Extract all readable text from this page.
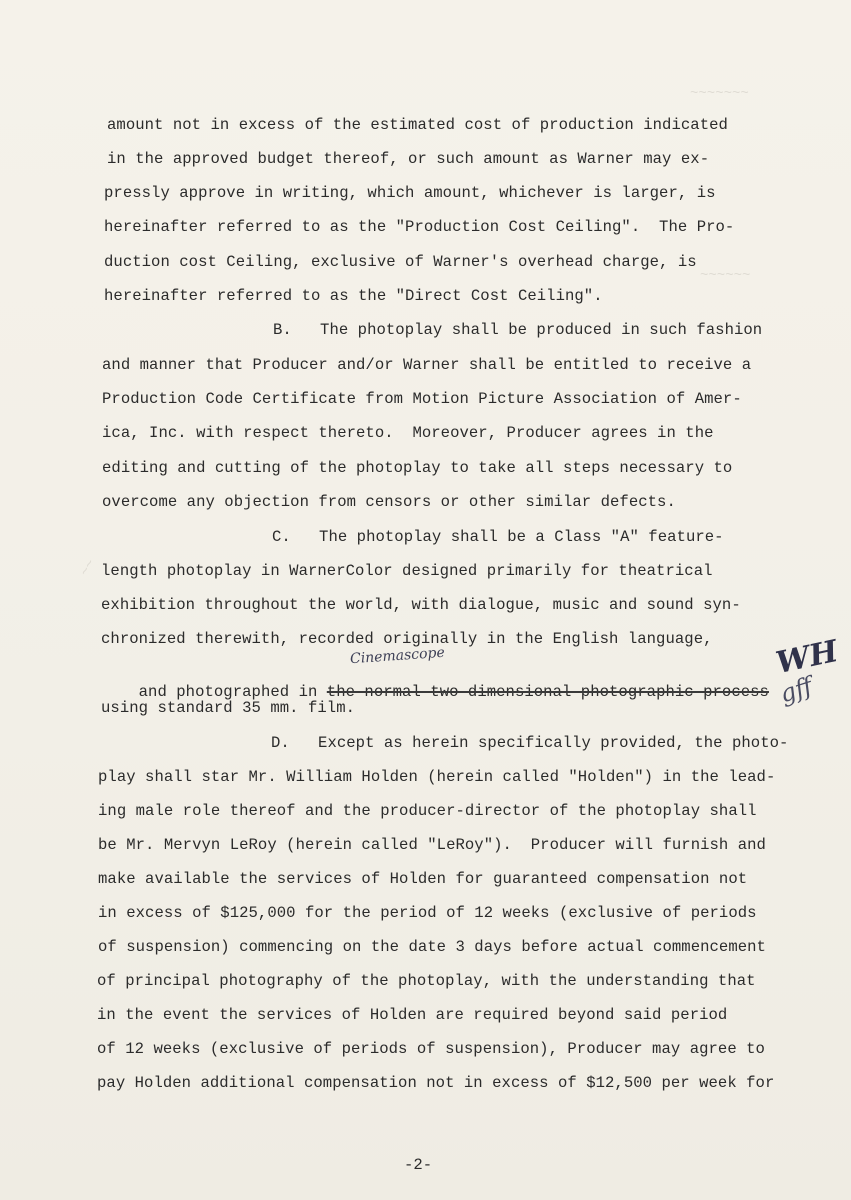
~~~~~~~
~~~~~~
~~
amount not in excess of the estimated cost of production indicated
in the approved budget thereof, or such amount as Warner may ex-
pressly approve in writing, which amount, whichever is larger, is
hereinafter referred to as the "Production Cost Ceiling".  The Pro-
duction cost Ceiling, exclusive of Warner's overhead charge, is
hereinafter referred to as the "Direct Cost Ceiling".
B.   The photoplay shall be produced in such fashion
and manner that Producer and/or Warner shall be entitled to receive a
Production Code Certificate from Motion Picture Association of Amer-
ica, Inc. with respect thereto.  Moreover, Producer agrees in the
editing and cutting of the photoplay to take all steps necessary to
overcome any objection from censors or other similar defects.
C.   The photoplay shall be a Class "A" feature-
length photoplay in WarnerColor designed primarily for theatrical
exhibition throughout the world, with dialogue, music and sound syn-
chronized therewith, recorded originally in the English language,

and photographed in the normal two-dimensional photographic process

Cinemascope	WH
gff
using standard 35 mm. film.
D.   Except as herein specifically provided, the photo-
play shall star Mr. William Holden (herein called "Holden") in the lead-
ing male role thereof and the producer-director of the photoplay shall
be Mr. Mervyn LeRoy (herein called "LeRoy").  Producer will furnish and
make available the services of Holden for guaranteed compensation not
in excess of $125,000 for the period of 12 weeks (exclusive of periods
of suspension) commencing on the date 3 days before actual commencement
of principal photography of the photoplay, with the understanding that
in the event the services of Holden are required beyond said period
of 12 weeks (exclusive of periods of suspension), Producer may agree to
pay Holden additional compensation not in excess of $12,500 per week for
-2-
